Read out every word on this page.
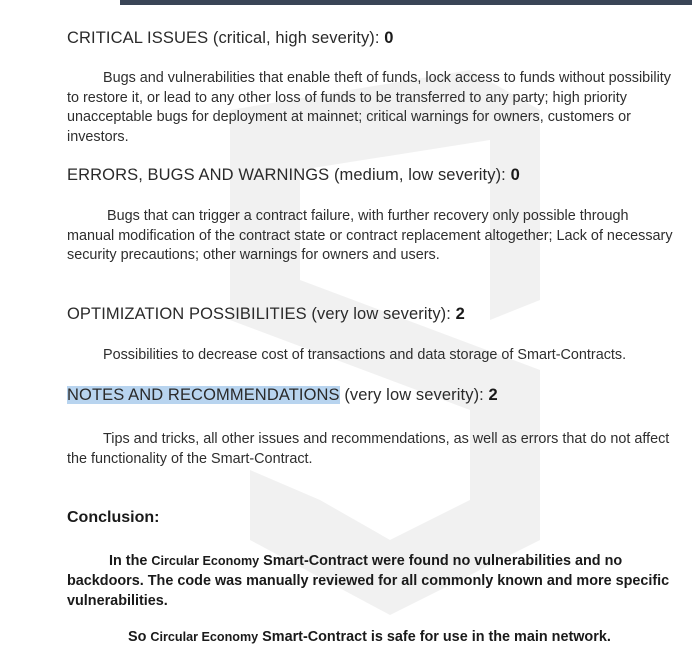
CRITICAL ISSUES (critical, high severity): 0
Bugs and vulnerabilities that enable theft of funds, lock access to funds without possibility to restore it, or lead to any other loss of funds to be transferred to any party; high priority unacceptable bugs for deployment at mainnet; critical warnings for owners, customers or investors.
ERRORS, BUGS AND WARNINGS (medium, low severity): 0
Bugs that can trigger a contract failure, with further recovery only possible through manual modification of the contract state or contract replacement altogether; Lack of necessary security precautions; other warnings for owners and users.
OPTIMIZATION POSSIBILITIES (very low severity): 2
Possibilities to decrease cost of transactions and data storage of Smart-Contracts.
NOTES AND RECOMMENDATIONS (very low severity): 2
Tips and tricks, all other issues and recommendations, as well as errors that do not affect the functionality of the Smart-Contract.
Conclusion:
In the Circular Economy Smart-Contract were found no vulnerabilities and no backdoors. The code was manually reviewed for all commonly known and more specific vulnerabilities.
So Circular Economy Smart-Contract is safe for use in the main network.
